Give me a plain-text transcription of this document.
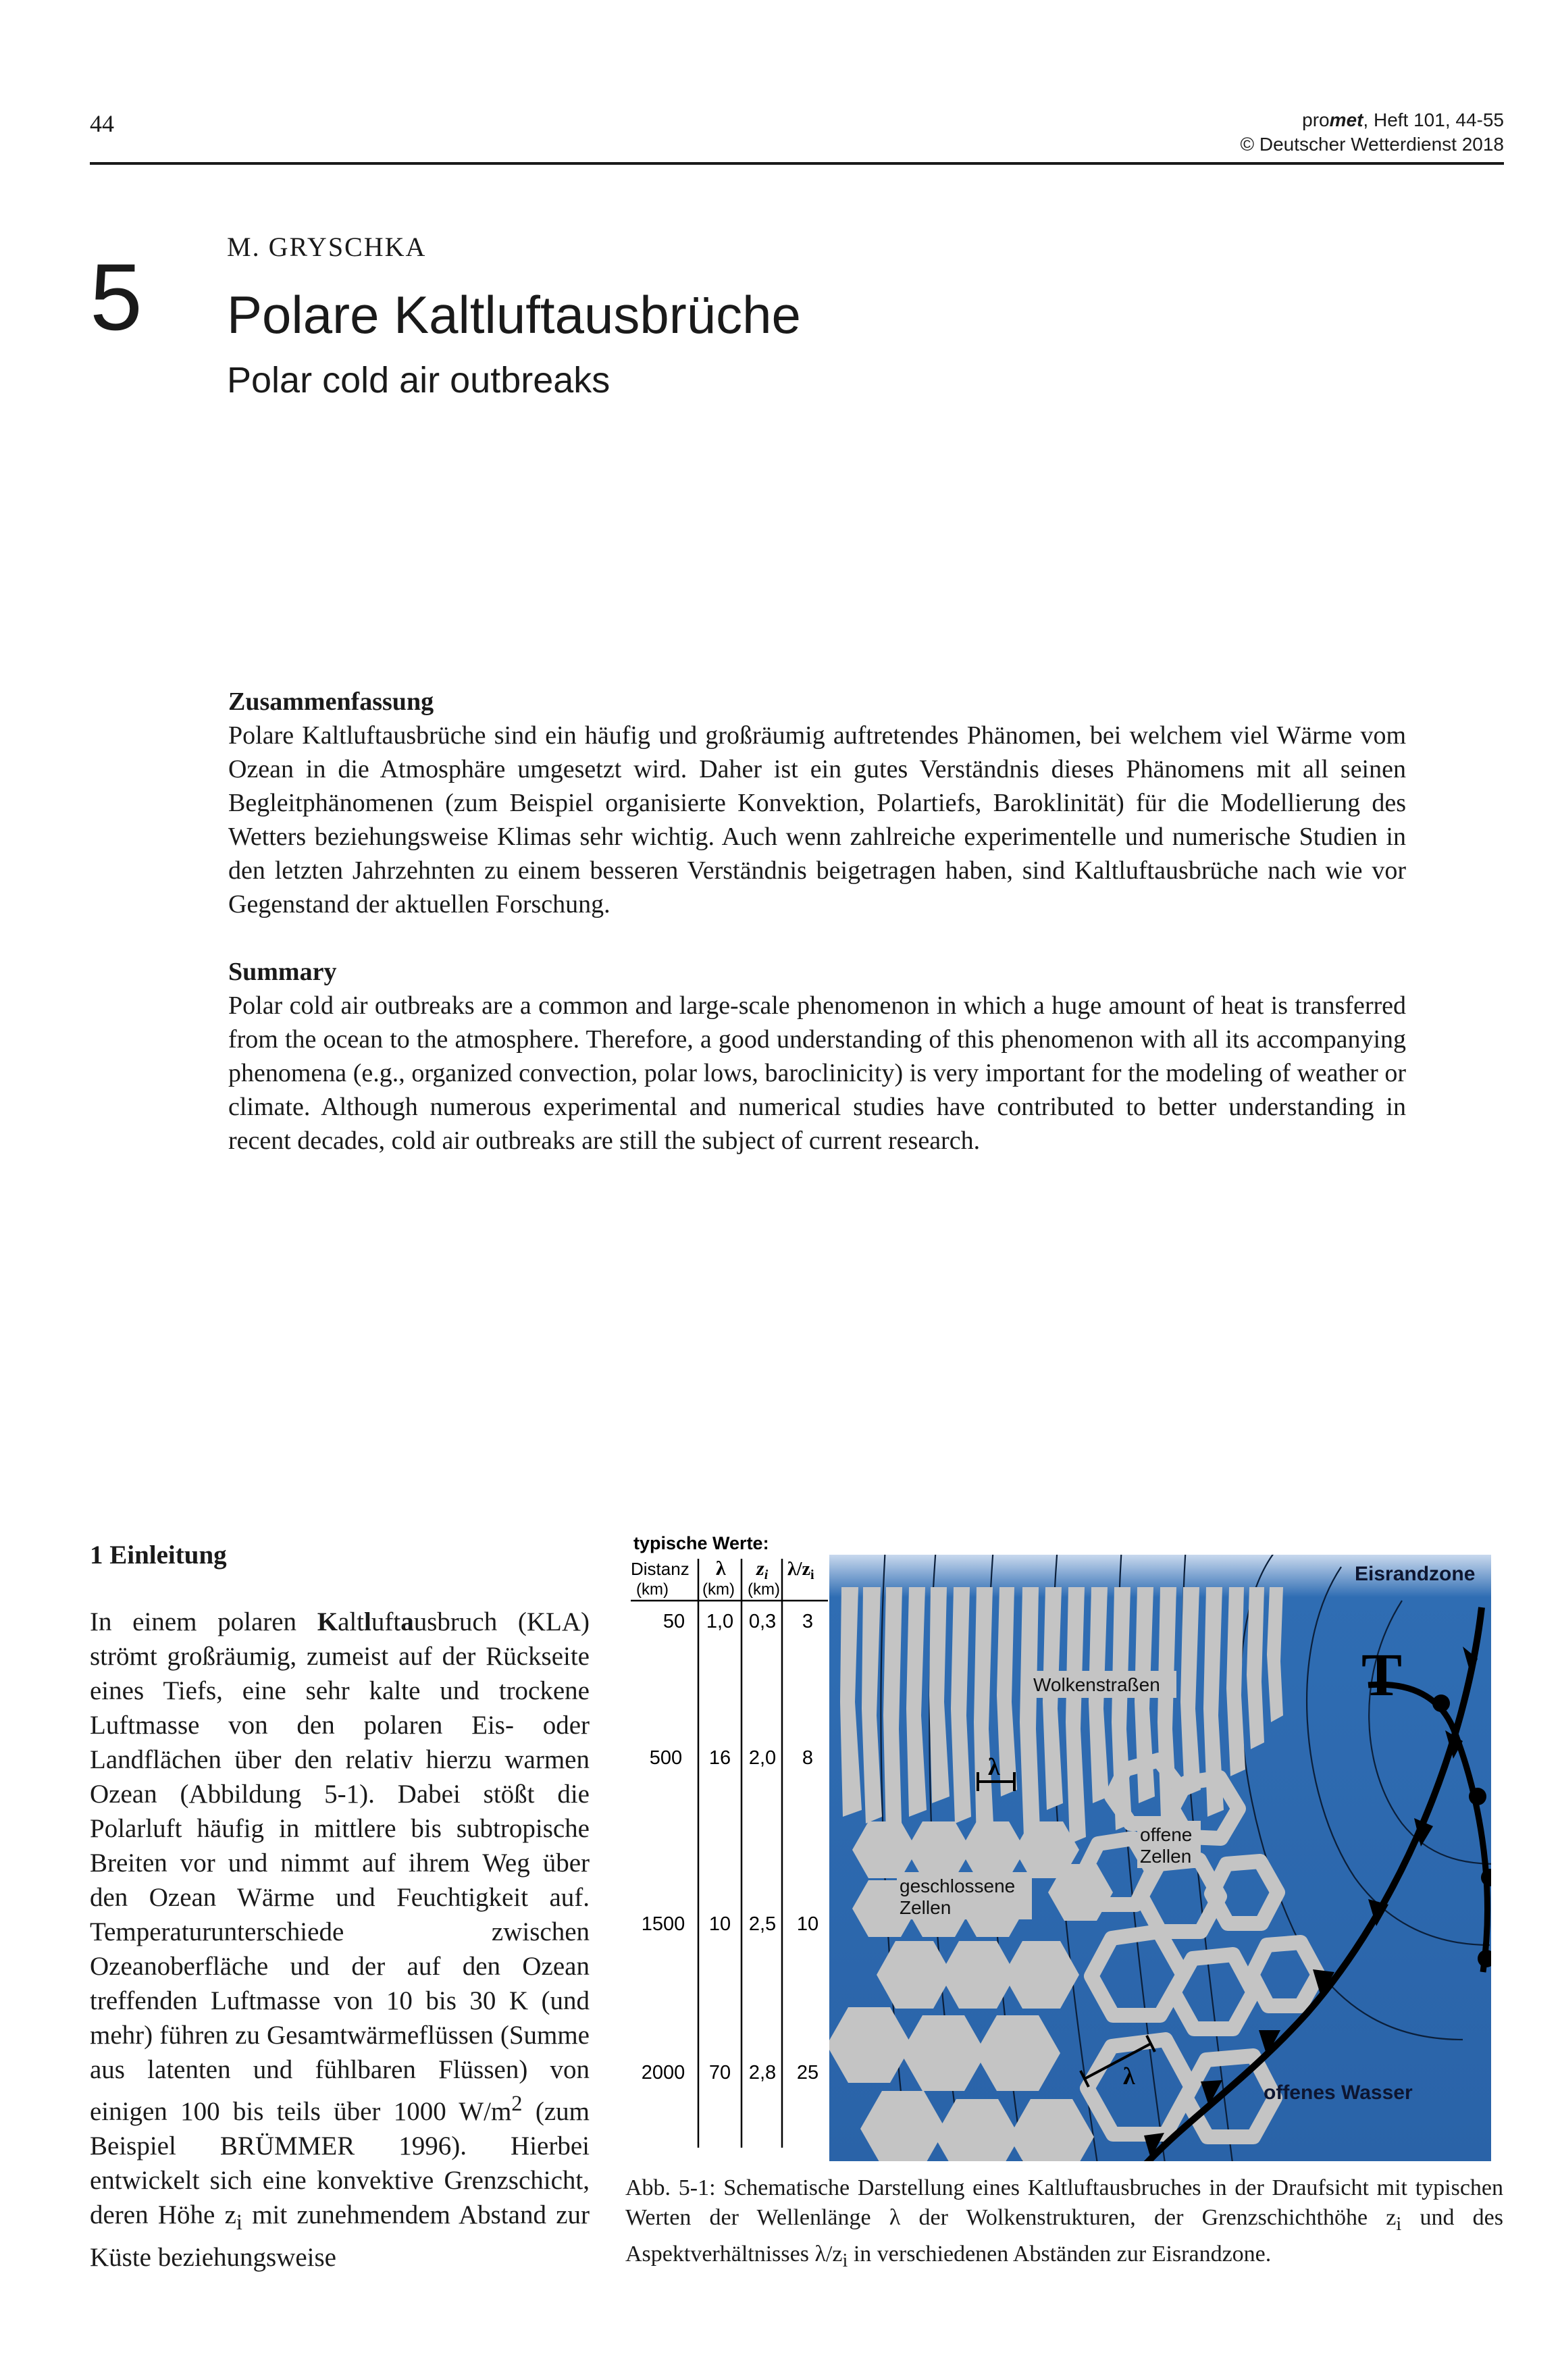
44	promet, Heft 101, 44-55
© Deutscher Wetterdienst 2018
5	M. GRYSCHKA
Polare Kaltluftausbrüche
Polar cold air outbreaks
Zusammenfassung
Polare Kaltluftausbrüche sind ein häufig und großräumig auftretendes Phänomen, bei welchem viel Wärme vom Ozean in die Atmosphäre umgesetzt wird. Daher ist ein gutes Verständnis dieses Phänomens mit all seinen Begleitphänomenen (zum Beispiel organisierte Konvektion, Polartiefs, Baroklinität) für die Modellierung des Wetters beziehungsweise Klimas sehr wichtig. Auch wenn zahlreiche experimentelle und numerische Studien in den letzten Jahrzehnten zu einem besseren Verständnis beigetragen haben, sind Kaltluftausbrüche nach wie vor Gegenstand der aktuellen Forschung.
Summary
Polar cold air outbreaks are a common and large-scale phenomenon in which a huge amount of heat is transferred from the ocean to the atmosphere. Therefore, a good understanding of this phenomenon with all its accompanying phenomena (e.g., organized convection, polar lows, baroclinicity) is very important for the modeling of weather or climate. Although numerous experimental and numerical studies have contributed to better understanding in recent decades, cold air outbreaks are still the subject of current research.
1 Einleitung
In einem polaren Kaltluftausbruch (KLA) strömt großräumig, zumeist auf der Rückseite eines Tiefs, eine sehr kalte und trockene Luftmasse von den polaren Eis- oder Landflächen über den relativ hierzu warmen Ozean (Abbildung 5-1). Dabei stößt die Polarluft häufig in mittlere bis subtropische Breiten vor und nimmt auf ihrem Weg über den Ozean Wärme und Feuchtigkeit auf. Temperaturunterschiede zwischen Ozeanoberfläche und der auf den Ozean treffenden Luftmasse von 10 bis 30 K (und mehr) führen zu Gesamtwärmeflüssen (Summe aus latenten und fühlbaren Flüssen) von einigen 100 bis teils über 1000 $W/m^2$ (zum Beispiel BRÜMMER 1996). Hierbei entwickelt sich eine konvektive Grenzschicht, deren Höhe $z_i$ mit zunehmendem Abstand zur Küste beziehungsweise
typische Werte:
Distanz
(km)
λ
(km)
$z_i$
(km)
$\lambda/z_i$
50 1,0 0,3 3
500 16 2,0 8
1500 10 2,5 10
2000 70 2,8 25
Eisrandzone
Wolkenstraßen
λ
offene
Zellen
geschlossene
Zellen
λ
offenes Wasser
T
Abb. 5-1: Schematische Darstellung eines Kaltluftausbruches in der Draufsicht mit typischen Werten der Wellenlänge λ der Wolkenstrukturen, der Grenzschichthöhe $z_i$ und des Aspektverhältnisses $\lambda/z_i$ in verschiedenen Abständen zur Eisrandzone.
